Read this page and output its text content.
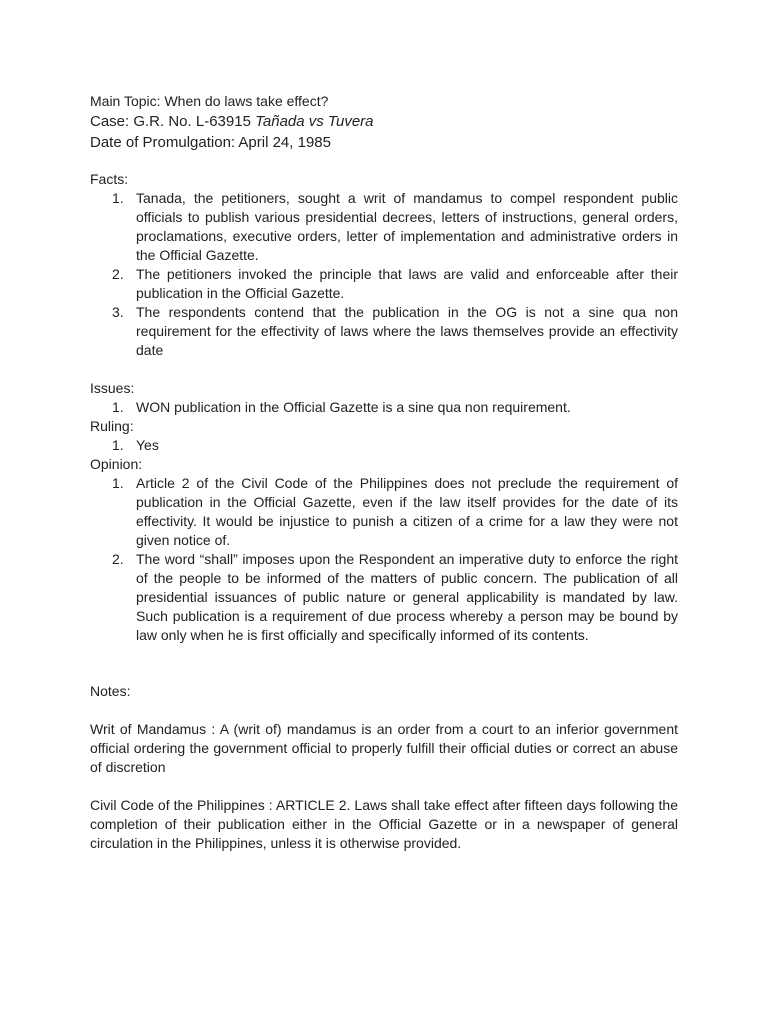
Main Topic: When do laws take effect?

Case: G.R. No. L-63915 Tañada vs Tuvera

Date of Promulgation: April 24, 1985

Facts:

1. Tanada, the petitioners, sought a writ of mandamus to compel respondent public officials to publish various presidential decrees, letters of instructions, general orders, proclamations, executive orders, letter of implementation and administrative orders in the Official Gazette.
2. The petitioners invoked the principle that laws are valid and enforceable after their publication in the Official Gazette.
3. The respondents contend that the publication in the OG is not a sine qua non requirement for the effectivity of laws where the laws themselves provide an effectivity date

Issues:

1. WON publication in the Official Gazette is a sine qua non requirement.

Ruling:

1. Yes

Opinion:

1. Article 2 of the Civil Code of the Philippines does not preclude the requirement of publication in the Official Gazette, even if the law itself provides for the date of its effectivity. It would be injustice to punish a citizen of a crime for a law they were not given notice of.
2. The word “shall” imposes upon the Respondent an imperative duty to enforce the right of the people to be informed of the matters of public concern. The publication of all presidential issuances of public nature or general applicability is mandated by law. Such publication is a requirement of due process whereby a person may be bound by law only when he is first officially and specifically informed of its contents.

Notes:

Writ of Mandamus : A (writ of) mandamus is an order from a court to an inferior government official ordering the government official to properly fulfill their official duties or correct an abuse of discretion

Civil Code of the Philippines : ARTICLE 2. Laws shall take effect after fifteen days following the completion of their publication either in the Official Gazette or in a newspaper of general circulation in the Philippines, unless it is otherwise provided.
